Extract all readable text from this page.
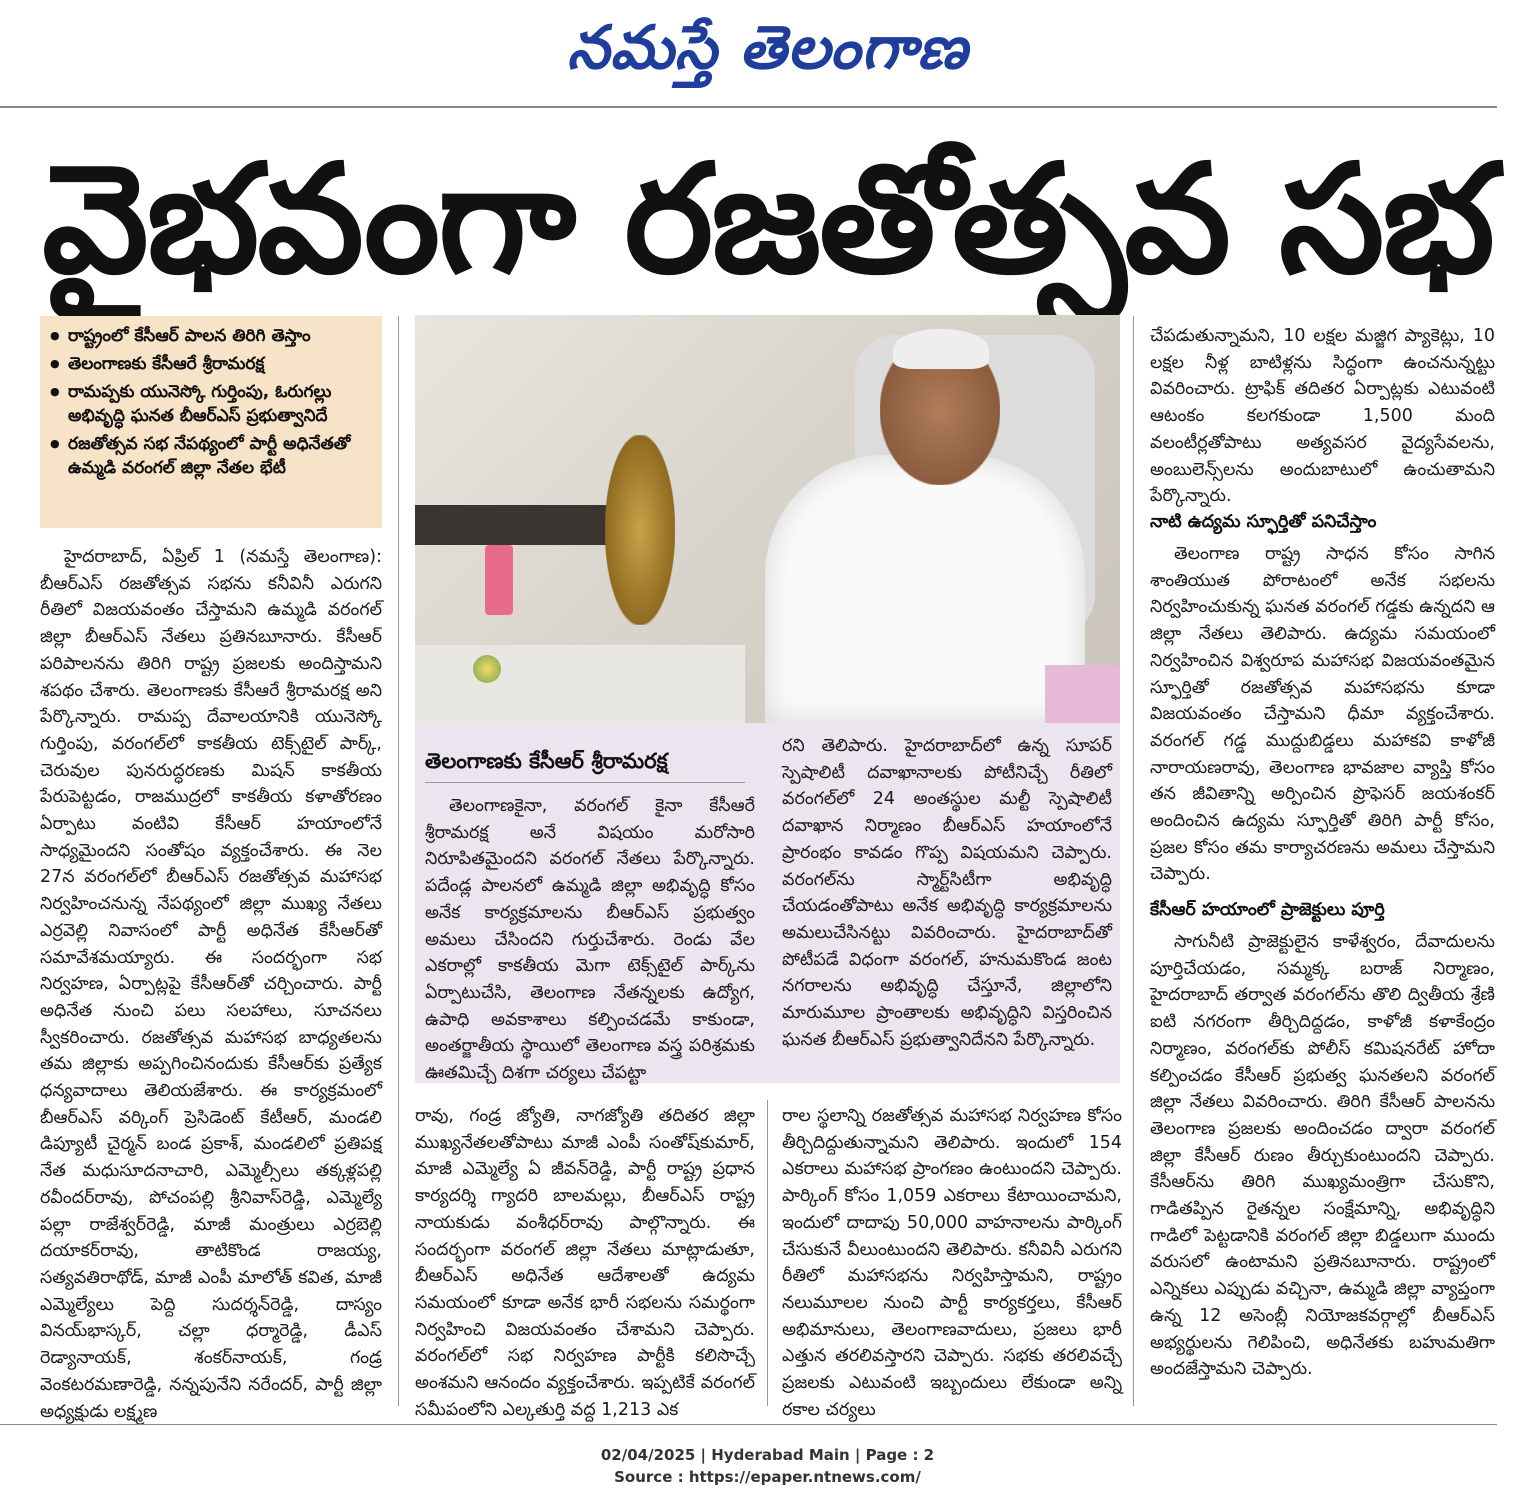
నమస్తే తెలంగాణ
వైభవంగా రజతోత్సవ సభ
● రాష్ట్రంలో కేసీఆర్‌ పాలన తిరిగి తెస్తాం
● తెలంగాణకు కేసీఆరే శ్రీరామరక్ష
● రామప్పకు యునెస్కో గుర్తింపు, ఓరుగల్లు అభివృద్ధి ఘనత బీఆర్‌ఎస్‌ ప్రభుత్వానిదే
● రజతోత్సవ సభ నేపథ్యంలో పార్టీ అధినేతతో ఉమ్మడి వరంగల్‌ జిల్లా నేతల భేటీ

హైదరాబాద్‌, ఏప్రిల్‌ 1 (నమస్తే తెలంగాణ): బీఆర్‌ఎస్‌ రజతోత్సవ సభను కనీవినీ ఎరుగని రీతిలో విజయవంతం చేస్తామని ఉమ్మడి వరంగల్‌ జిల్లా బీఆర్‌ఎస్‌ నేతలు ప్రతినబూనారు. కేసీఆర్‌ పరిపాలనను తిరిగి రాష్ట్ర ప్రజలకు అందిస్తామని శపథం చేశారు. తెలంగాణకు కేసీఆరే శ్రీరామరక్ష అని పేర్కొన్నారు. రామప్ప దేవాలయానికి యునెస్కో గుర్తింపు, వరంగల్‌లో కాకతీయ టెక్స్‌టైల్‌ పార్క్‌, చెరువుల పునరుద్ధరణకు మిషన్‌ కాకతీయ పేరుపెట్టడం, రాజముద్రలో కాకతీయ కళాతోరణం ఏర్పాటు వంటివి కేసీఆర్‌ హయాంలోనే సాధ్యమైందని సంతోషం వ్యక్తంచేశారు. ఈ నెల 27న వరంగల్‌లో బీఆర్‌ఎస్‌ రజతోత్సవ మహాసభ నిర్వహించనున్న నేపథ్యంలో జిల్లా ముఖ్య నేతలు ఎర్రవెల్లి నివాసంలో పార్టీ అధినేత కేసీఆర్‌తో సమావేశమయ్యారు. ఈ సందర్భంగా సభ నిర్వహణ, ఏర్పాట్లపై కేసీఆర్‌తో చర్చించారు. పార్టీ అధినేత నుంచి పలు సలహాలు, సూచనలు స్వీకరించారు. రజతోత్సవ మహాసభ బాధ్యతలను తమ జిల్లాకు అప్పగించినందుకు కేసీఆర్‌కు ప్రత్యేక ధన్యవాదాలు తెలియజేశారు. ఈ కార్యక్రమంలో బీఆర్‌ఎస్‌ వర్కింగ్‌ ప్రెసిడెంట్‌ కేటీఆర్‌, మండలి డిప్యూటీ చైర్మన్‌ బండ ప్రకాశ్‌, మండలిలో ప్రతిపక్ష నేత మధుసూదనాచారి, ఎమ్మెల్సీలు తక్కళ్లపల్లి రవీందర్‌రావు, పోచంపల్లి శ్రీనివాస్‌రెడ్డి, ఎమ్మెల్యే పల్లా రాజేశ్వర్‌రెడ్డి, మాజీ మంత్రులు ఎర్రబెల్లి దయాకర్‌రావు, తాటికొండ రాజయ్య, సత్యవతిరాథోడ్‌, మాజీ ఎంపీ మాలోత్‌ కవిత, మాజీ ఎమ్మెల్యేలు పెద్ది సుదర్శన్‌రెడ్డి, దాస్యం వినయ్‌భాస్కర్‌, చల్లా ధర్మారెడ్డి, డీఎస్‌ రెడ్యానాయక్‌, శంకర్‌నాయక్‌, గండ్ర వెంకటరమణారెడ్డి, నన్నపునేని నరేందర్‌, పార్టీ జిల్లా అధ్యక్షుడు లక్ష్మణ

తెలంగాణకు కేసీఆర్‌ శ్రీరామరక్ష

తెలంగాణకైనా, వరంగల్‌ కైనా కేసీఆరే శ్రీరామరక్ష అనే విషయం మరోసారి నిరూపితమైందని వరంగల్‌ నేతలు పేర్కొన్నారు. పదేండ్ల పాలనలో ఉమ్మడి జిల్లా అభివృద్ధి కోసం అనేక కార్యక్రమాలను బీఆర్‌ఎస్‌ ప్రభుత్వం అమలు చేసిందని గుర్తుచేశారు. రెండు వేల ఎకరాల్లో కాకతీయ మెగా టెక్స్‌టైల్‌ పార్క్‌ను ఏర్పాటుచేసి, తెలంగాణ నేతన్నలకు ఉద్యోగ, ఉపాధి అవకాశాలు కల్పించడమే కాకుండా, అంతర్జాతీయ స్థాయిలో తెలంగాణ వస్త్ర పరిశ్రమకు ఊతమిచ్చే దిశగా చర్యలు చేపట్టా

రని తెలిపారు. హైదరాబాద్‌లో ఉన్న సూపర్‌ స్పెషాలిటీ దవాఖానాలకు పోటీనిచ్చే రీతిలో వరంగల్‌లో 24 అంతస్థుల మల్టీ స్పెషాలిటీ దవాఖాన నిర్మాణం బీఆర్‌ఎస్‌ హయాంలోనే ప్రారంభం కావడం గొప్ప విషయమని చెప్పారు. వరంగల్‌ను స్మార్ట్‌సిటీగా అభివృద్ధి చేయడంతోపాటు అనేక అభివృద్ధి కార్యక్రమాలను అమలుచేసినట్టు వివరించారు. హైదరాబాద్‌తో పోటీపడే విధంగా వరంగల్‌, హనుమకొండ జంట నగరాలను అభివృద్ధి చేస్తూనే, జిల్లాలోని మారుమూల ప్రాంతాలకు అభివృద్ధిని విస్తరించిన ఘనత బీఆర్‌ఎస్‌ ప్రభుత్వానిదేనని పేర్కొన్నారు.

రావు, గండ్ర జ్యోతి, నాగజ్యోతి తదితర జిల్లా ముఖ్యనేతలతోపాటు మాజీ ఎంపీ సంతోష్‌కుమార్‌, మాజీ ఎమ్మెల్యే ఏ జీవన్‌రెడ్డి, పార్టీ రాష్ట్ర ప్రధాన కార్యదర్శి గ్యాదరి బాలమల్లు, బీఆర్‌ఎస్‌ రాష్ట్ర నాయకుడు వంశీధర్‌రావు పాల్గొన్నారు. ఈ సందర్భంగా వరంగల్‌ జిల్లా నేతలు మాట్లాడుతూ, బీఆర్‌ఎస్‌ అధినేత ఆదేశాలతో ఉద్యమ సమయంలో కూడా అనేక భారీ సభలను సమర్థంగా నిర్వహించి విజయవంతం చేశామని చెప్పారు. వరంగల్‌లో సభ నిర్వహణ పార్టీకి కలిసొచ్చే అంశమని ఆనందం వ్యక్తంచేశారు. ఇప్పటికే వరంగల్‌ సమీపంలోని ఎల్కతుర్తి వద్ద 1,213 ఎక

రాల స్థలాన్ని రజతోత్సవ మహాసభ నిర్వహణ కోసం తీర్చిదిద్దుతున్నామని తెలిపారు. ఇందులో 154 ఎకరాలు మహాసభ ప్రాంగణం ఉంటుందని చెప్పారు. పార్కింగ్‌ కోసం 1,059 ఎకరాలు కేటాయించామని, ఇందులో దాదాపు 50,000 వాహనాలను పార్కింగ్‌ చేసుకునే వీలుంటుందని తెలిపారు. కనీవినీ ఎరుగని రీతిలో మహాసభను నిర్వహిస్తామని, రాష్ట్రం నలుమూలల నుంచి పార్టీ కార్యకర్తలు, కేసీఆర్‌ అభిమానులు, తెలంగాణవాదులు, ప్రజలు భారీ ఎత్తున తరలివస్తారని చెప్పారు. సభకు తరలివచ్చే ప్రజలకు ఎటువంటి ఇబ్బందులు లేకుండా అన్ని రకాల చర్యలు

చేపడుతున్నామని, 10 లక్షల మజ్జిగ ప్యాకెట్లు, 10 లక్షల నీళ్ల బాటిళ్లను సిద్ధంగా ఉంచనున్నట్టు వివరించారు. ట్రాఫిక్‌ తదితర ఏర్పాట్లకు ఎటువంటి ఆటంకం కలగకుండా 1,500 మంది వలంటీర్లతోపాటు అత్యవసర వైద్యసేవలను, అంబులెన్స్‌లను అందుబాటులో ఉంచుతామని పేర్కొన్నారు.

నాటి ఉద్యమ స్ఫూర్తితో పనిచేస్తాం

తెలంగాణ రాష్ట్ర సాధన కోసం సాగిన శాంతియుత పోరాటంలో అనేక సభలను నిర్వహించుకున్న ఘనత వరంగల్‌ గడ్డకు ఉన్నదని ఆ జిల్లా నేతలు తెలిపారు. ఉద్యమ సమయంలో నిర్వహించిన విశ్వరూప మహాసభ విజయవంతమైన స్ఫూర్తితో రజతోత్సవ మహాసభను కూడా విజయవంతం చేస్తామని ధీమా వ్యక్తంచేశారు. వరంగల్‌ గడ్డ ముద్దుబిడ్డలు మహాకవి కాళోజీ నారాయణరావు, తెలంగాణ భావజాల వ్యాప్తి కోసం తన జీవితాన్ని అర్పించిన ప్రొఫెసర్‌ జయశంకర్‌ అందించిన ఉద్యమ స్ఫూర్తితో తిరిగి పార్టీ కోసం, ప్రజల కోసం తమ కార్యాచరణను అమలు చేస్తామని చెప్పారు.

కేసీఆర్‌ హయాంలో ప్రాజెక్టులు పూర్తి

సాగునీటి ప్రాజెక్టులైన కాళేశ్వరం, దేవాదులను పూర్తిచేయడం, సమ్మక్క బరాజ్‌ నిర్మాణం, హైదరాబాద్‌ తర్వాత వరంగల్‌ను తొలి ద్వితీయ శ్రేణి ఐటి నగరంగా తీర్చిదిద్దడం, కాళోజీ కళాకేంద్రం నిర్మాణం, వరంగల్‌కు పోలీస్‌ కమిషనరేట్‌ హోదా కల్పించడం కేసీఆర్‌ ప్రభుత్వ ఘనతలని వరంగల్‌ జిల్లా నేతలు వివరించారు. తిరిగి కేసీఆర్‌ పాలనను తెలంగాణ ప్రజలకు అందించడం ద్వారా వరంగల్‌ జిల్లా కేసీఆర్‌ రుణం తీర్చుకుంటుందని చెప్పారు. కేసీఆర్‌ను తిరిగి ముఖ్యమంత్రిగా చేసుకొని, గాడితప్పిన రైతన్నల సంక్షేమాన్ని, అభివృద్ధిని గాడిలో పెట్టడానికి వరంగల్‌ జిల్లా బిడ్డలుగా ముందు వరుసలో ఉంటామని ప్రతినబూనారు. రాష్ట్రంలో ఎన్నికలు ఎప్పుడు వచ్చినా, ఉమ్మడి జిల్లా వ్యాప్తంగా ఉన్న 12 అసెంబ్లీ నియోజకవర్గాల్లో బీఆర్‌ఎస్‌ అభ్యర్థులను గెలిపించి, అధినేతకు బహుమతిగా అందజేస్తామని చెప్పారు.

02/04/2025 | Hyderabad Main | Page : 2
Source : https://epaper.ntnews.com/
